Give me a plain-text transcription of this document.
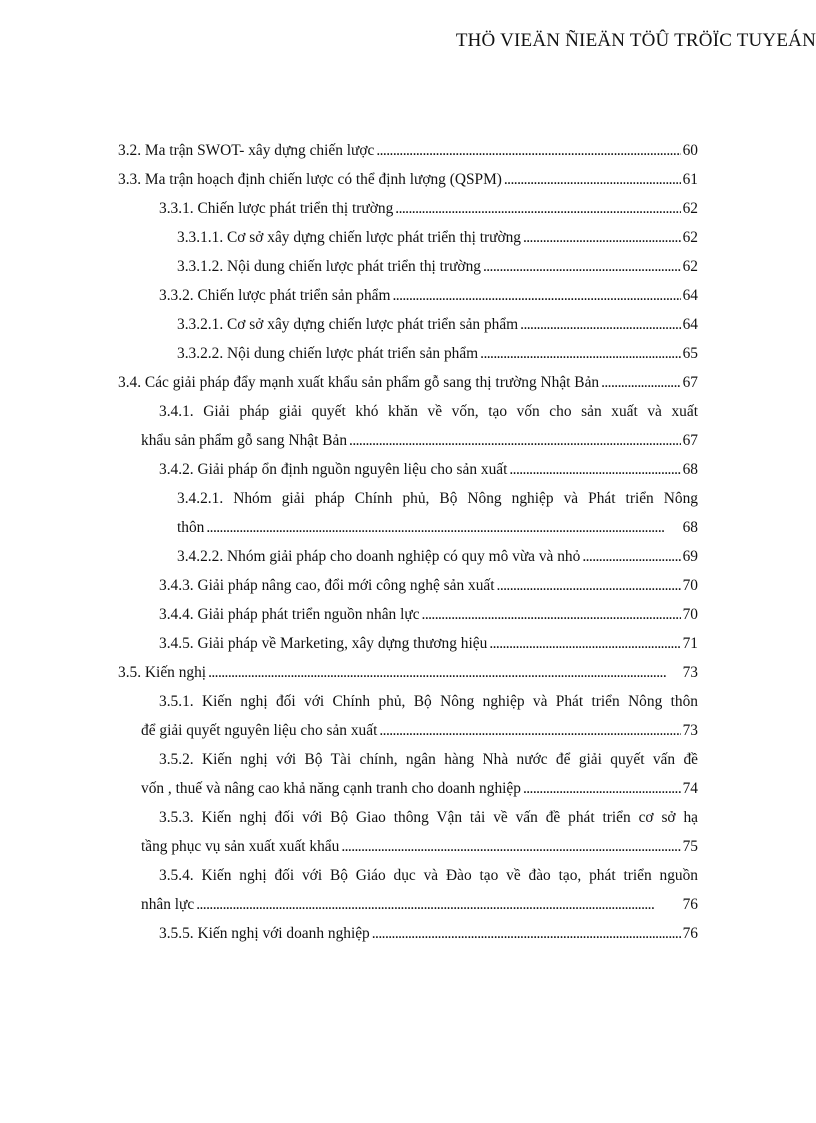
THÖ VIEÄN ÑIEÄN TÖÛ TRÖÏC TUYEÁN
3.2. Ma trận SWOT- xây dựng chiến lược . . .	60
3.3. Ma trận hoạch định chiến lược có thể định lượng (QSPM) . . .	61
3.3.1. Chiến lược phát triển thị trường . . .	62
3.3.1.1. Cơ sở xây dựng chiến lược phát triển thị trường . . .	62
3.3.1.2. Nội dung chiến lược phát triển thị trường . . .	62
3.3.2. Chiến lược phát triển sản phẩm . . .	64
3.3.2.1. Cơ sở xây dựng chiến lược phát triển sản phẩm . . .	64
3.3.2.2. Nội dung chiến lược phát triển sản phẩm . . .	65
3.4. Các giải pháp đẩy mạnh xuất khẩu sản phẩm gỗ sang thị trường Nhật Bản . . .	67
3.4.1. Giải pháp giải quyết khó khăn về vốn, tạo vốn cho sản xuất và xuất
khẩu sản phẩm gỗ sang Nhật Bản . . .	67
3.4.2. Giải pháp ổn định nguồn nguyên liệu cho sản xuất . . .	68
3.4.2.1. Nhóm giải pháp Chính phủ, Bộ Nông nghiệp và Phát triển Nông
thôn . . .	68
3.4.2.2. Nhóm giải pháp cho doanh nghiệp có quy mô vừa và nhỏ . . .	69
3.4.3. Giải pháp nâng cao, đổi mới công nghệ sản xuất . . .	70
3.4.4. Giải pháp phát triển nguồn nhân lực . . .	70
3.4.5. Giải pháp về Marketing, xây dựng thương hiệu . . .	71
3.5. Kiến nghị . . .	73
3.5.1. Kiến nghị đối với Chính phủ, Bộ Nông nghiệp và Phát triển Nông thôn
để giải quyết nguyên liệu cho sản xuất . . .	73
3.5.2. Kiến nghị với Bộ Tài chính, ngân hàng Nhà nước để giải quyết vấn đề
vốn , thuế và nâng cao khả năng cạnh tranh cho doanh nghiệp . . .	74
3.5.3. Kiến nghị đối với Bộ Giao thông Vận tải về vấn đề phát triển cơ sở hạ
tầng phục vụ sản xuất xuất khẩu . . .	75
3.5.4. Kiến nghị đối với Bộ Giáo dục và Đào tạo về đào tạo, phát triển nguồn
nhân lực . . .	76
3.5.5. Kiến nghị với doanh nghiệp . . .	76
